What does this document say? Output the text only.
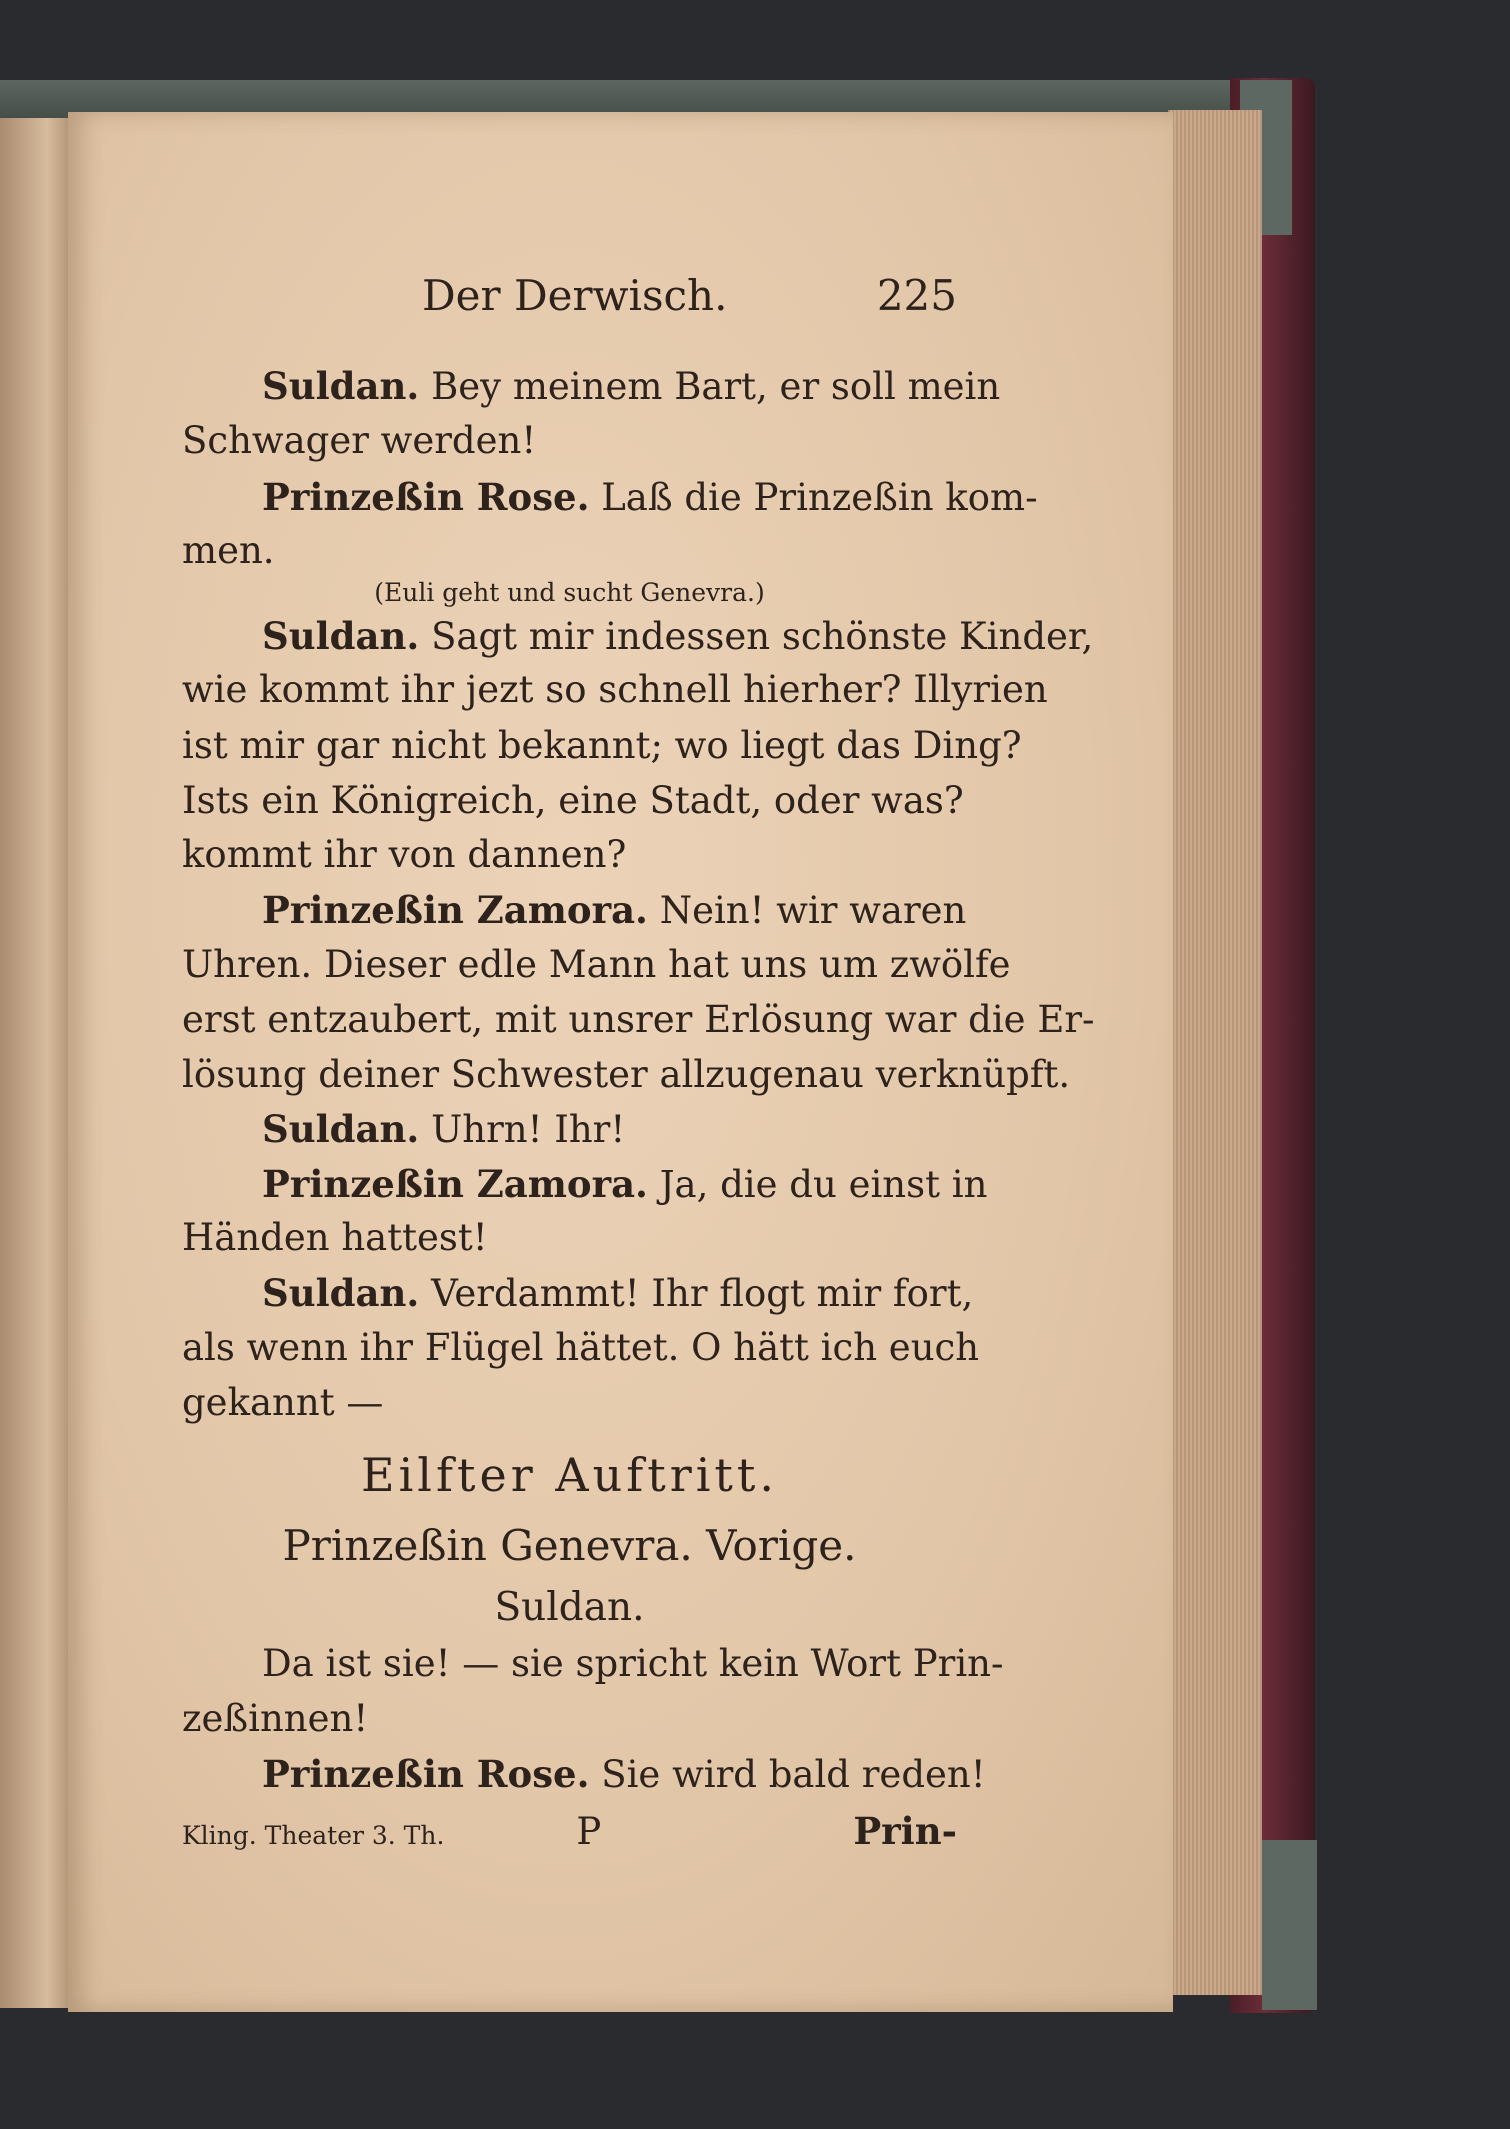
Der Derwisch.	225
Suldan. Bey meinem Bart, er soll mein
Schwager werden!
Prinzeßin Rose. Laß die Prinzeßin kom-
men.
(Euli geht und sucht Genevra.)
Suldan. Sagt mir indessen schönste Kinder,
wie kommt ihr jezt so schnell hierher? Illyrien
ist mir gar nicht bekannt; wo liegt das Ding?
Ists ein Königreich, eine Stadt, oder was?
kommt ihr von dannen?
Prinzeßin Zamora. Nein! wir waren
Uhren. Dieser edle Mann hat uns um zwölfe
erst entzaubert, mit unsrer Erlösung war die Er-
lösung deiner Schwester allzugenau verknüpft.
Suldan. Uhrn! Ihr!
Prinzeßin Zamora. Ja, die du einst in
Händen hattest!
Suldan. Verdammt! Ihr flogt mir fort,
als wenn ihr Flügel hättet. O hätt ich euch
gekannt —
Eilfter Auftritt.
Prinzeßin Genevra. Vorige.
Suldan.
Da ist sie! — sie spricht kein Wort Prin-
zeßinnen!
Prinzeßin Rose. Sie wird bald reden!
Kling. Theater 3. Th.	P	Prin-
